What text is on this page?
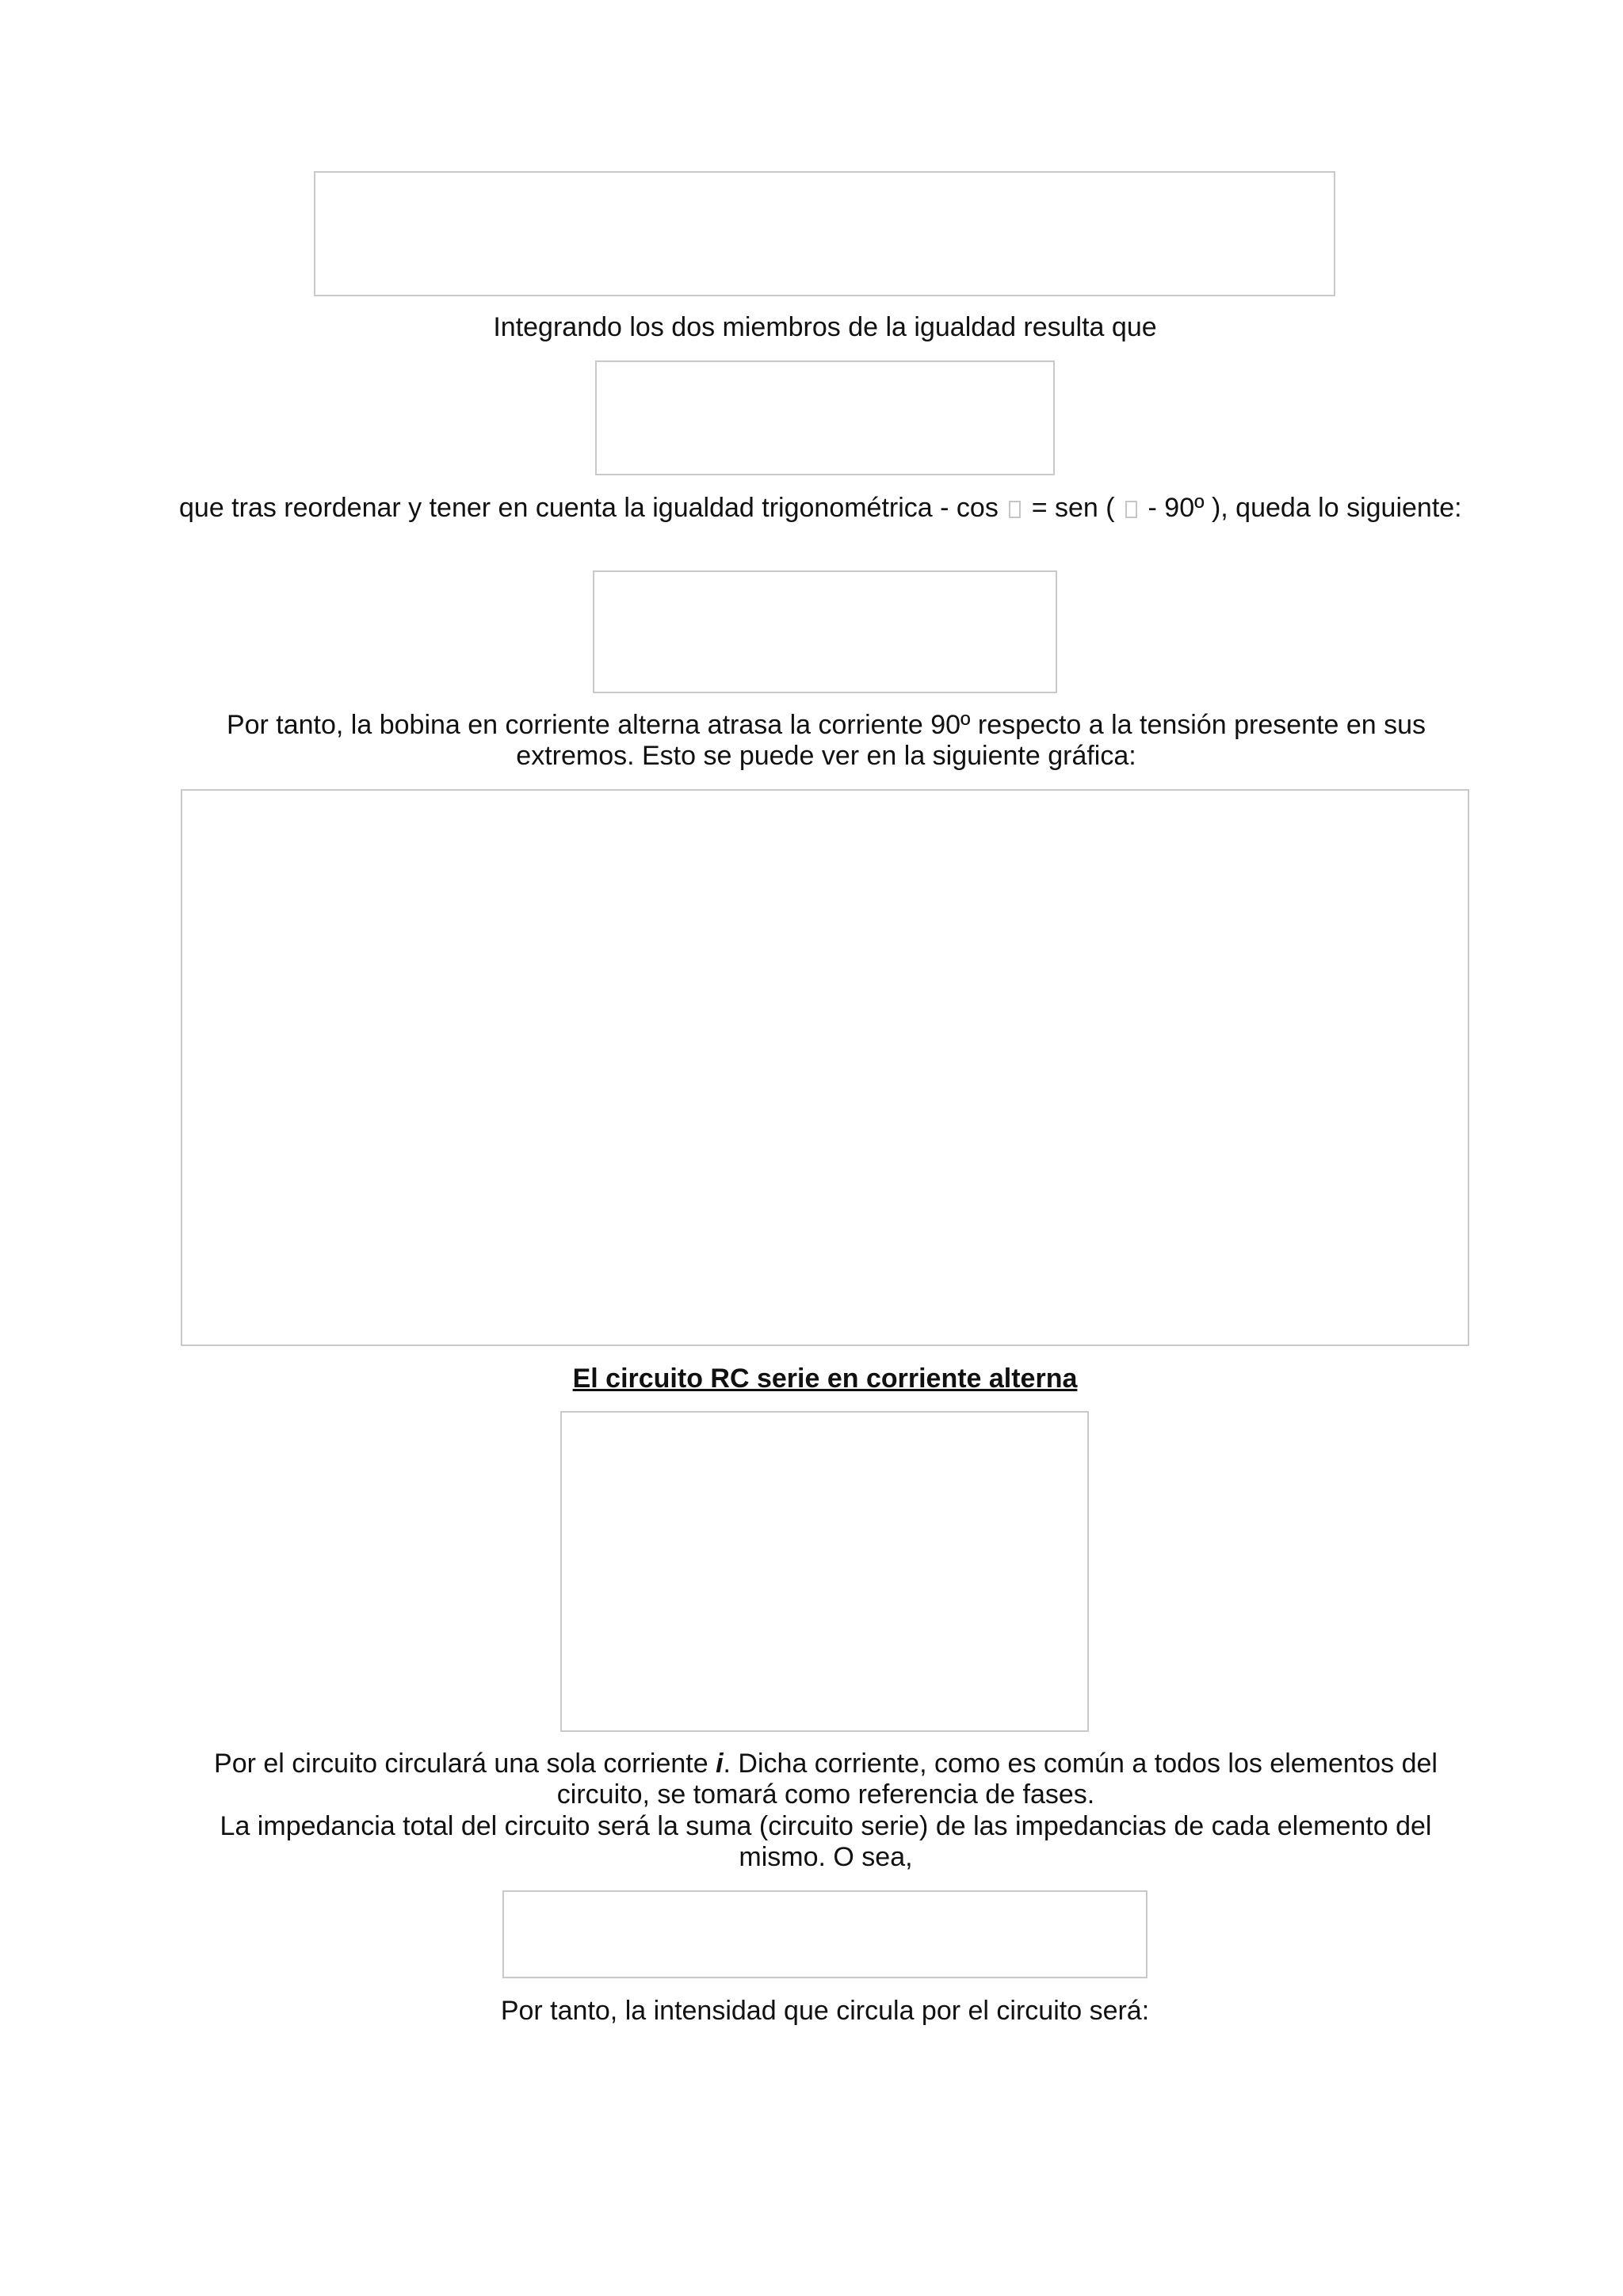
Integrando los dos miembros de la igualdad resulta que

que tras reordenar y tener en cuenta la igualdad trigonométrica - cos = sen ( - 90º ), queda lo siguiente:

Por tanto, la bobina en corriente alterna atrasa la corriente 90º respecto a la tensión presente en sus extremos. Esto se puede ver en la siguiente gráfica:

El circuito RC serie en corriente alterna

Por el circuito circulará una sola corriente i. Dicha corriente, como es común a todos los elementos del circuito, se tomará como referencia de fases.

La impedancia total del circuito será la suma (circuito serie) de las impedancias de cada elemento del mismo. O sea,

Por tanto, la intensidad que circula por el circuito será:
